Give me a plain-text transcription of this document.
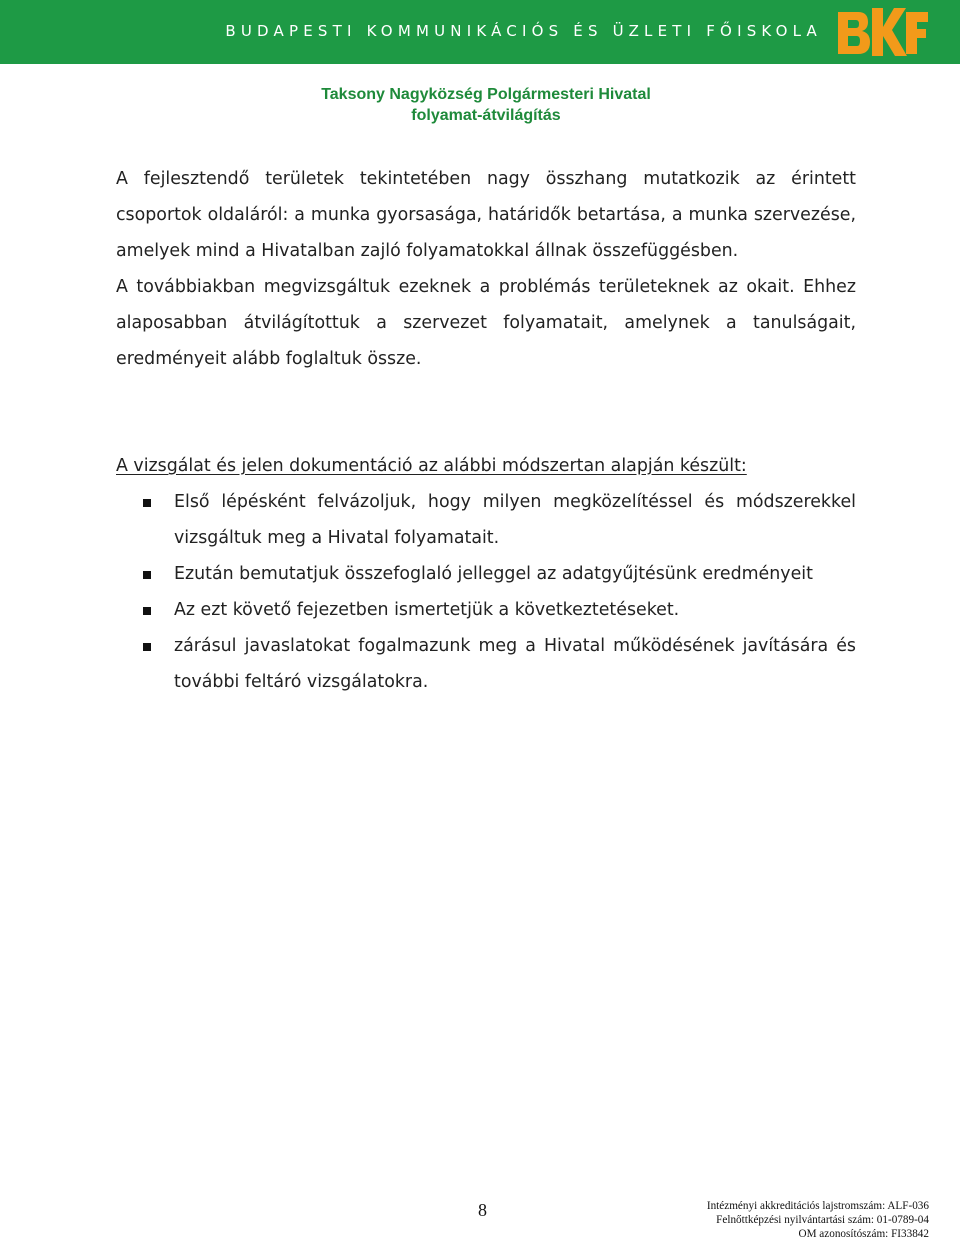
BUDAPESTI KOMMUNIKÁCIÓS ÉS ÜZLETI FŐISKOLA
Taksony Nagyközség Polgármesteri Hivatal
folyamat-átvilágítás

A fejlesztendő területek tekintetében nagy összhang mutatkozik az érintett csoportok oldaláról: a munka gyorsasága, határidők betartása, a munka szervezése, amelyek mind a Hivatalban zajló folyamatokkal állnak összefüggésben.

A továbbiakban megvizsgáltuk ezeknek a problémás területeknek az okait. Ehhez alaposabban átvilágítottuk a szervezet folyamatait, amelynek a tanulságait, eredményeit alább foglaltuk össze.

A vizsgálat és jelen dokumentáció az alábbi módszertan alapján készült:
Első lépésként felvázoljuk, hogy milyen megközelítéssel és módszerekkel vizsgáltuk meg a Hivatal folyamatait.
Ezután bemutatjuk összefoglaló jelleggel az adatgyűjtésünk eredményeit
Az ezt követő fejezetben ismertetjük a következtetéseket.
zárásul javaslatokat fogalmazunk meg a Hivatal működésének javítására és további feltáró vizsgálatokra.
8	Intézményi akkreditációs lajstromszám: ALF-036
Felnőttképzési nyilvántartási szám: 01-0789-04
OM azonosítószám: FI33842
